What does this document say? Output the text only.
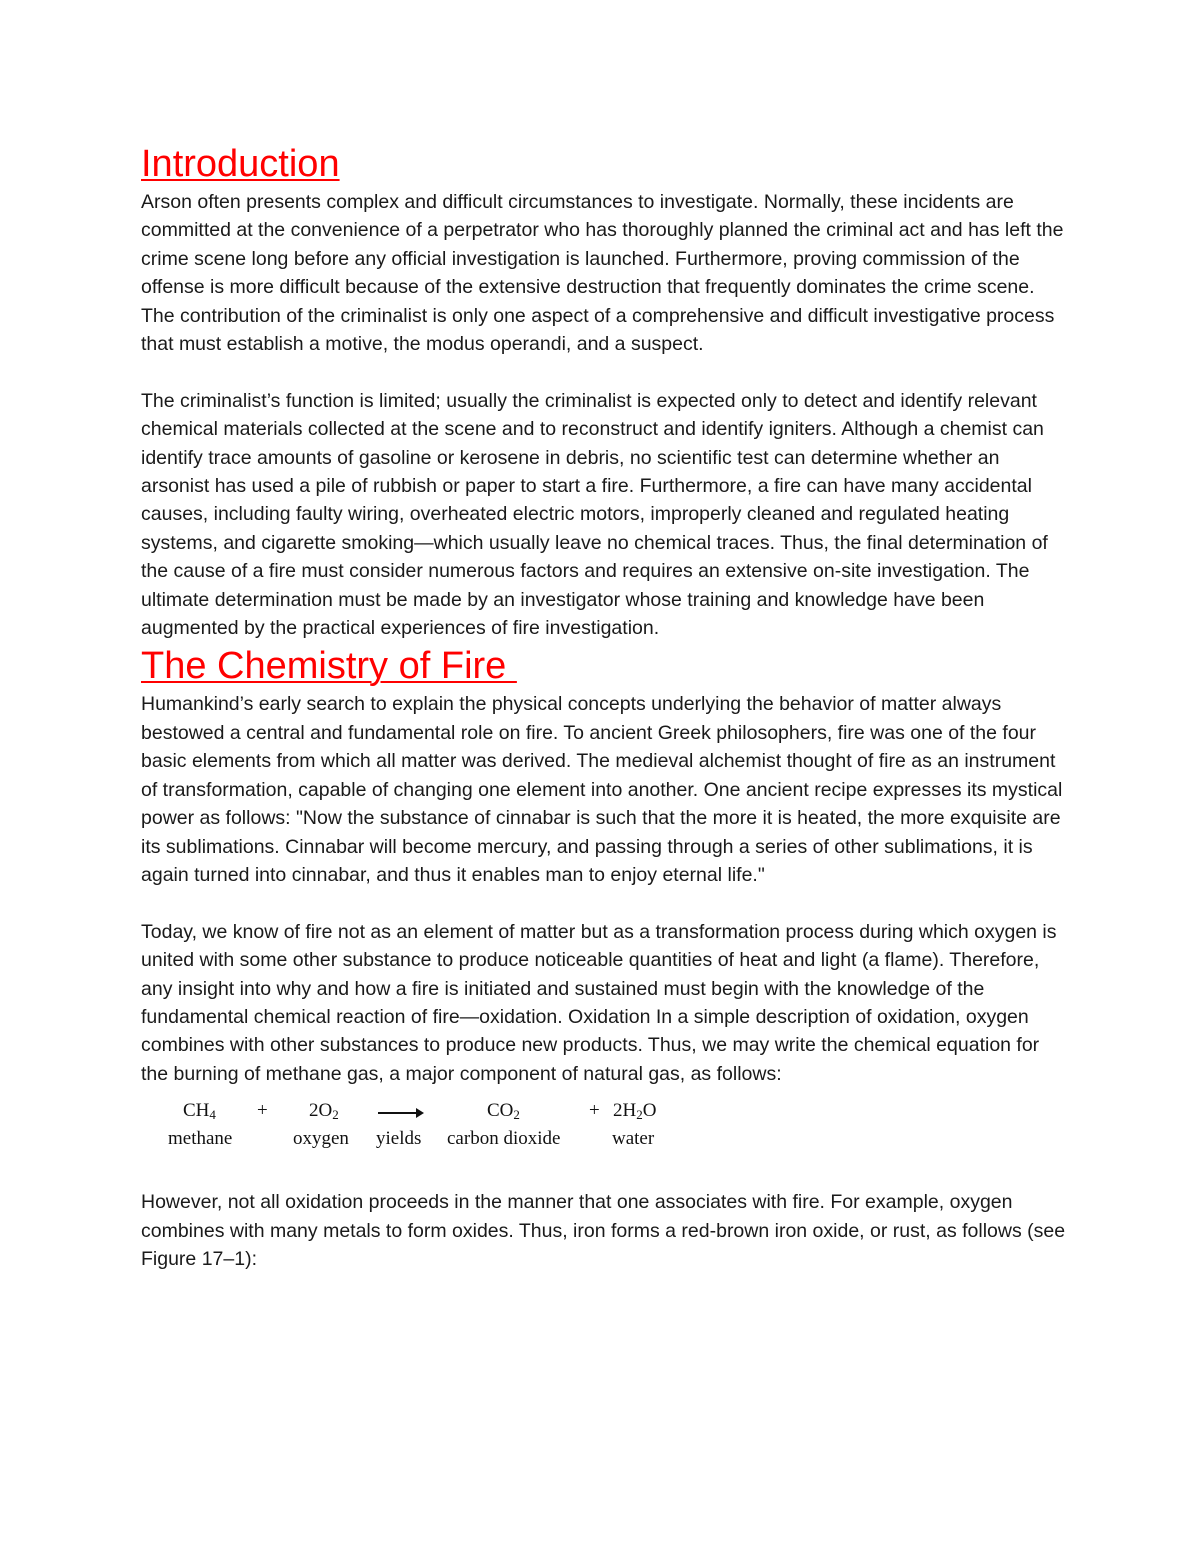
Introduction

Arson often presents complex and difficult circumstances to investigate. Normally, these incidents are committed at the convenience of a perpetrator who has thoroughly planned the criminal act and has left the crime scene long before any official investigation is launched. Furthermore, proving commission of the offense is more difficult because of the extensive destruction that frequently dominates the crime scene. The contribution of the criminalist is only one aspect of a comprehensive and difficult investigative process that must establish a motive, the modus operandi, and a suspect.

The criminalist’s function is limited; usually the criminalist is expected only to detect and identify relevant chemical materials collected at the scene and to reconstruct and identify igniters. Although a chemist can identify trace amounts of gasoline or kerosene in debris, no scientific test can determine whether an arsonist has used a pile of rubbish or paper to start a fire. Furthermore, a fire can have many accidental causes, including faulty wiring, overheated electric motors, improperly cleaned and regulated heating systems, and cigarette smoking—which usually leave no chemical traces. Thus, the final determination of the cause of a fire must consider numerous factors and requires an extensive on-site investigation. The ultimate determination must be made by an investigator whose training and knowledge have been augmented by the practical experiences of fire investigation.

The Chemistry of Fire

Humankind’s early search to explain the physical concepts underlying the behavior of matter always bestowed a central and fundamental role on fire. To ancient Greek philosophers, fire was one of the four basic elements from which all matter was derived. The medieval alchemist thought of fire as an instrument of transformation, capable of changing one element into another. One ancient recipe expresses its mystical power as follows: "Now the substance of cinnabar is such that the more it is heated, the more exquisite are its sublimations. Cinnabar will become mercury, and passing through a series of other sublimations, it is again turned into cinnabar, and thus it enables man to enjoy eternal life."

Today, we know of fire not as an element of matter but as a transformation process during which oxygen is united with some other substance to produce noticeable quantities of heat and light (a flame). Therefore, any insight into why and how a fire is initiated and sustained must begin with the knowledge of the fundamental chemical reaction of fire—oxidation. Oxidation In a simple description of oxidation, oxygen combines with other substances to produce new products. Thus, we may write the chemical equation for the burning of methane gas, a major component of natural gas, as follows:

$CH_4 + 2O_2$	$CO_2$	+ $2H_2O$
methane	oxygen yields carbon dioxide	water

However, not all oxidation proceeds in the manner that one associates with fire. For example, oxygen combines with many metals to form oxides. Thus, iron forms a red-brown iron oxide, or rust, as follows (see Figure 17–1):
